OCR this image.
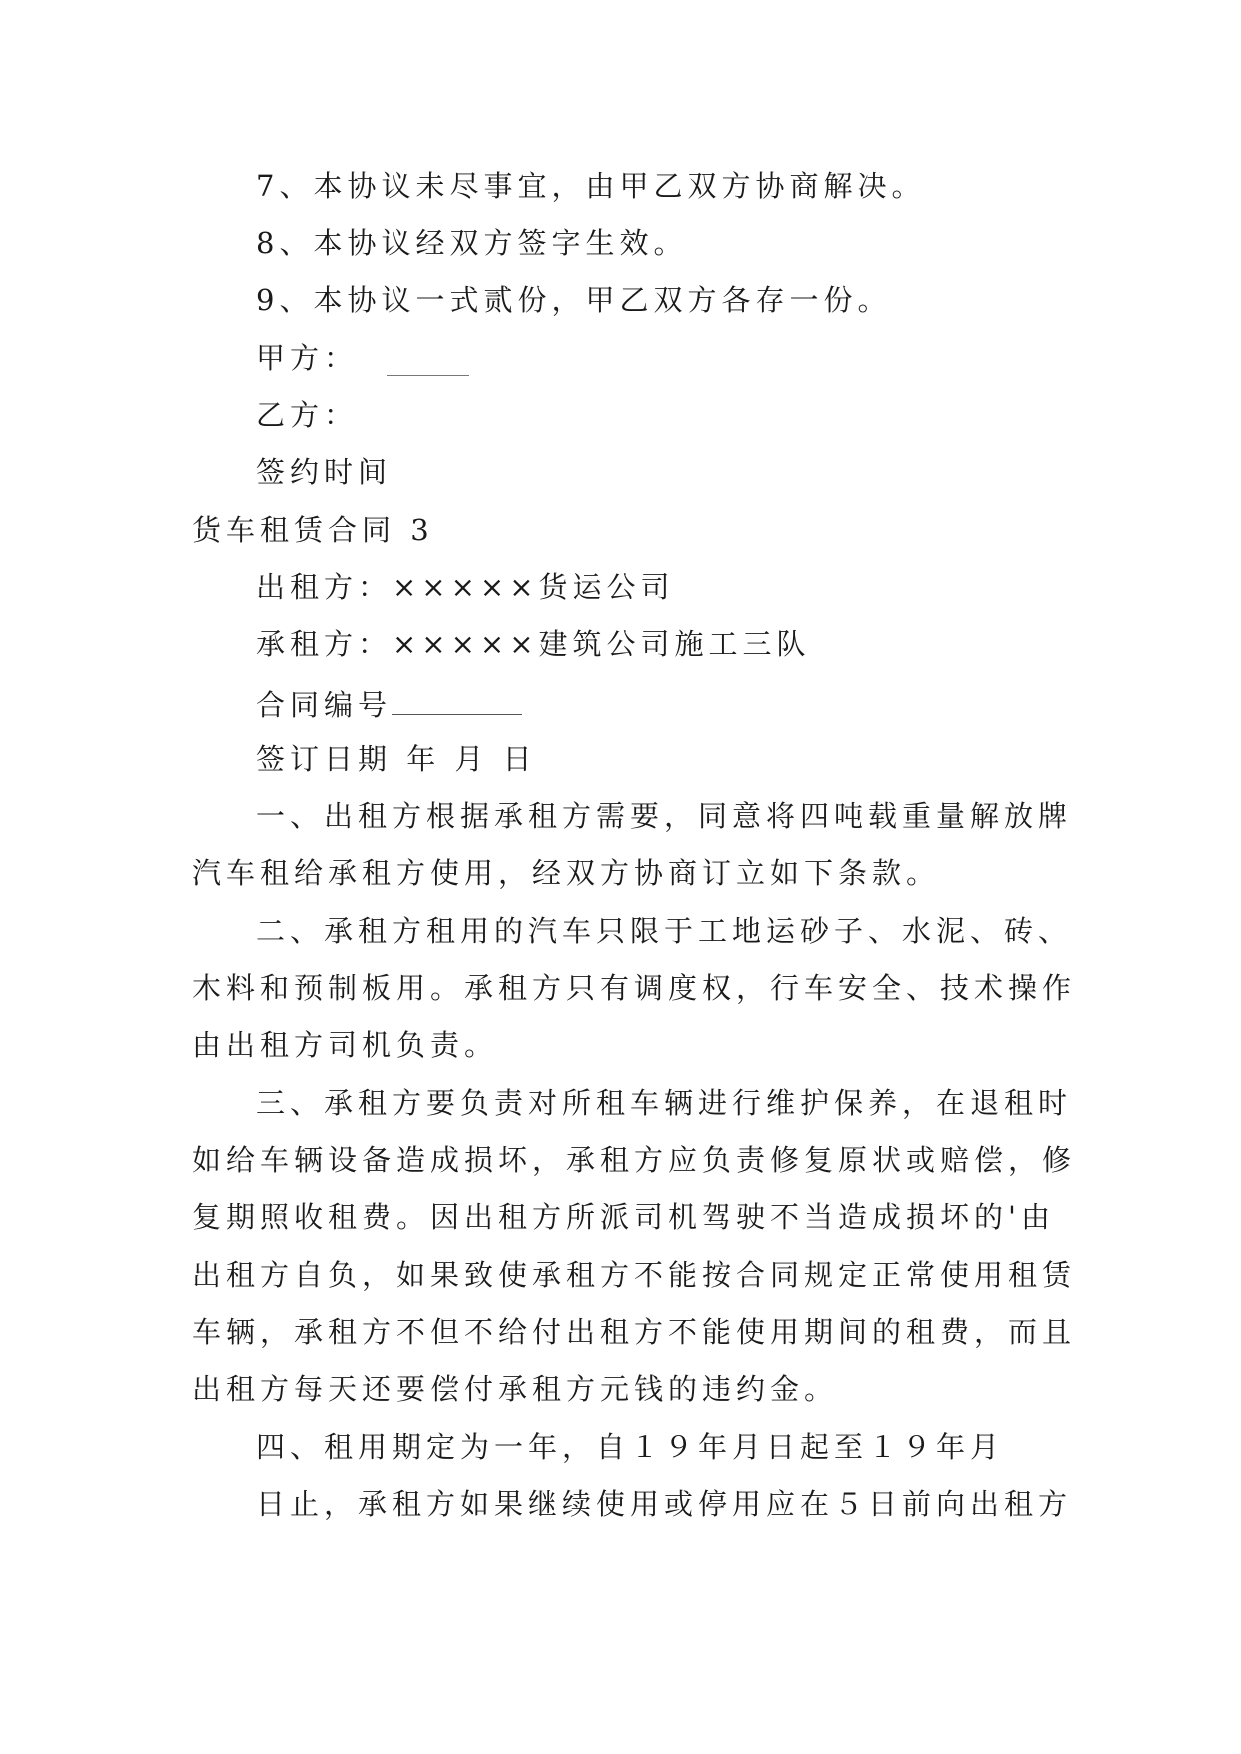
7、本协议未尽事宜，由甲乙双方协商解决。
8、本协议经双方签字生效。
9、本协议一式贰份，甲乙双方各存一份。
甲方：
乙方：
签约时间
货车租赁合同 3
出租方：×××××货运公司
承租方：×××××建筑公司施工三队
合同编号
签订日期 年 月 日
一、出租方根据承租方需要，同意将四吨载重量解放牌
汽车租给承租方使用，经双方协商订立如下条款。
二、承租方租用的汽车只限于工地运砂子、水泥、砖、
木料和预制板用。承租方只有调度权，行车安全、技术操作
由出租方司机负责。
三、承租方要负责对所租车辆进行维护保养，在退租时
如给车辆设备造成损坏，承租方应负责修复原状或赔偿，修
复期照收租费。因出租方所派司机驾驶不当造成损坏的'由
出租方自负，如果致使承租方不能按合同规定正常使用租赁
车辆，承租方不但不给付出租方不能使用期间的租费，而且
出租方每天还要偿付承租方元钱的违约金。
四、租用期定为一年，自１９年月日起至１９年月
日止，承租方如果继续使用或停用应在５日前向出租方
